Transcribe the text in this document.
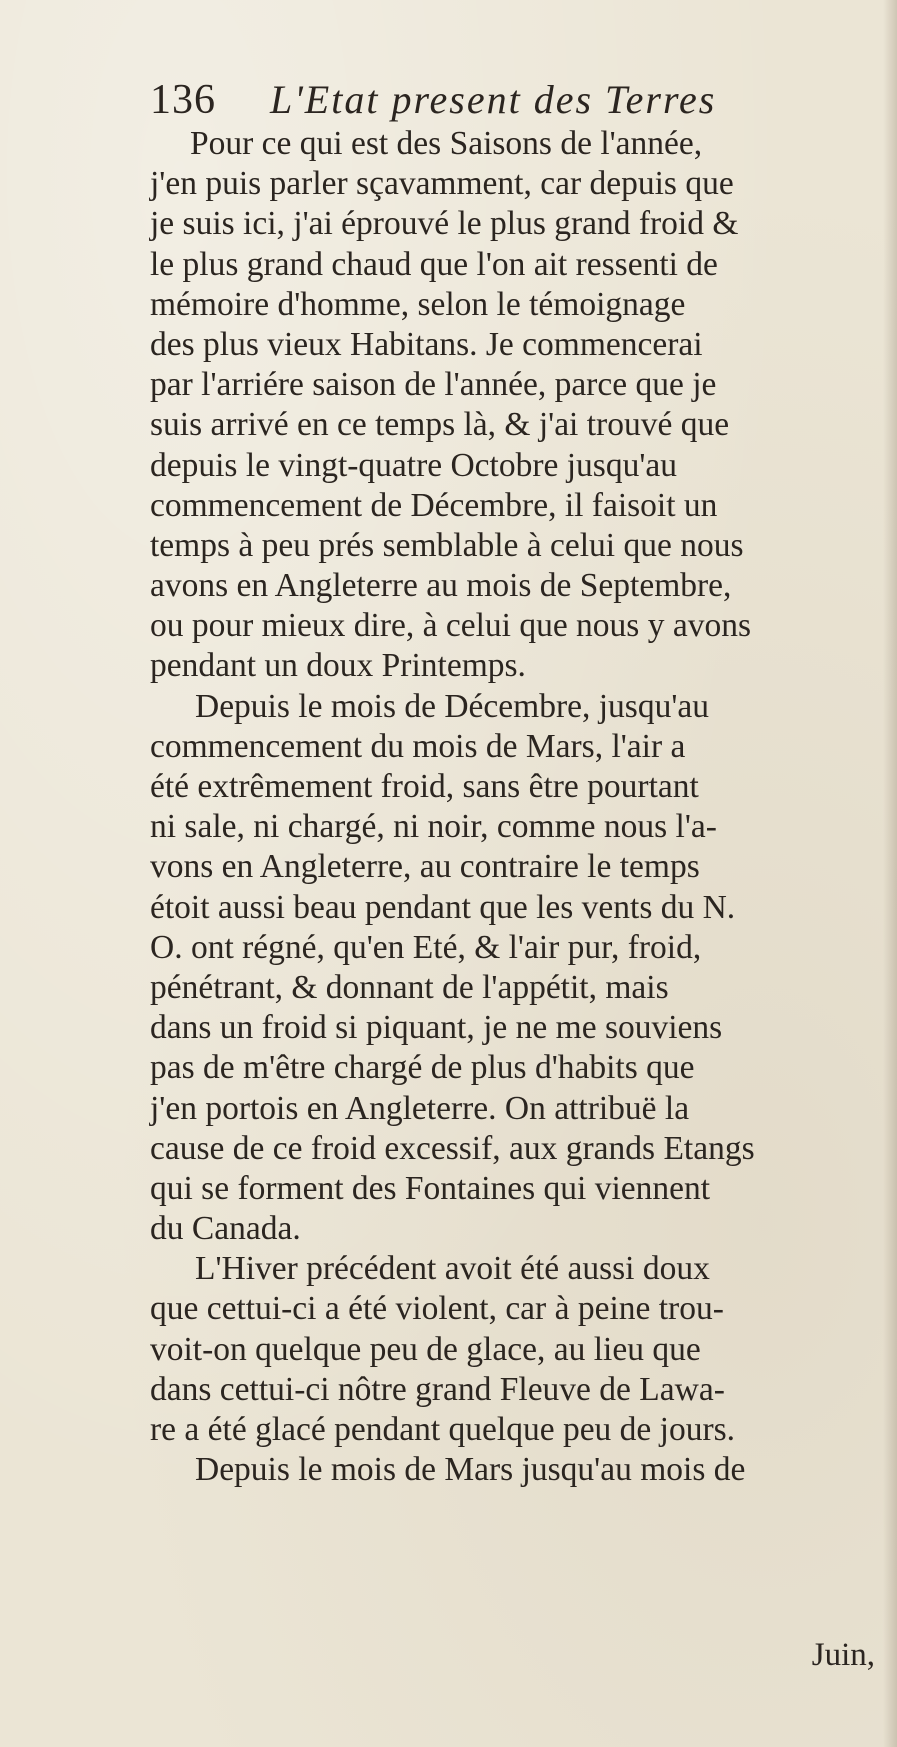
136 L'Etat present des Terres
Pour ce qui est des Saisons de l'année,
j'en puis parler sçavamment, car depuis que
je suis ici, j'ai éprouvé le plus grand froid &
le plus grand chaud que l'on ait ressenti de
mémoire d'homme, selon le témoignage
des plus vieux Habitans. Je commencerai
par l'arriére saison de l'année, parce que je
suis arrivé en ce temps là, & j'ai trouvé que
depuis le vingt-quatre Octobre jusqu'au
commencement de Décembre, il faisoit un
temps à peu prés semblable à celui que nous
avons en Angleterre au mois de Septembre,
ou pour mieux dire, à celui que nous y avons
pendant un doux Printemps.
Depuis le mois de Décembre, jusqu'au
commencement du mois de Mars, l'air a
été extrêmement froid, sans être pourtant
ni sale, ni chargé, ni noir, comme nous l'a-
vons en Angleterre, au contraire le temps
étoit aussi beau pendant que les vents du N.
O. ont régné, qu'en Eté, & l'air pur, froid,
pénétrant, & donnant de l'appétit, mais
dans un froid si piquant, je ne me souviens
pas de m'être chargé de plus d'habits que
j'en portois en Angleterre. On attribuë la
cause de ce froid excessif, aux grands Etangs
qui se forment des Fontaines qui viennent
du Canada.
L'Hiver précédent avoit été aussi doux
que cettui-ci a été violent, car à peine trou-
voit-on quelque peu de glace, au lieu que
dans cettui-ci nôtre grand Fleuve de Lawa-
re a été glacé pendant quelque peu de jours.
Depuis le mois de Mars jusqu'au mois de
Juin,
